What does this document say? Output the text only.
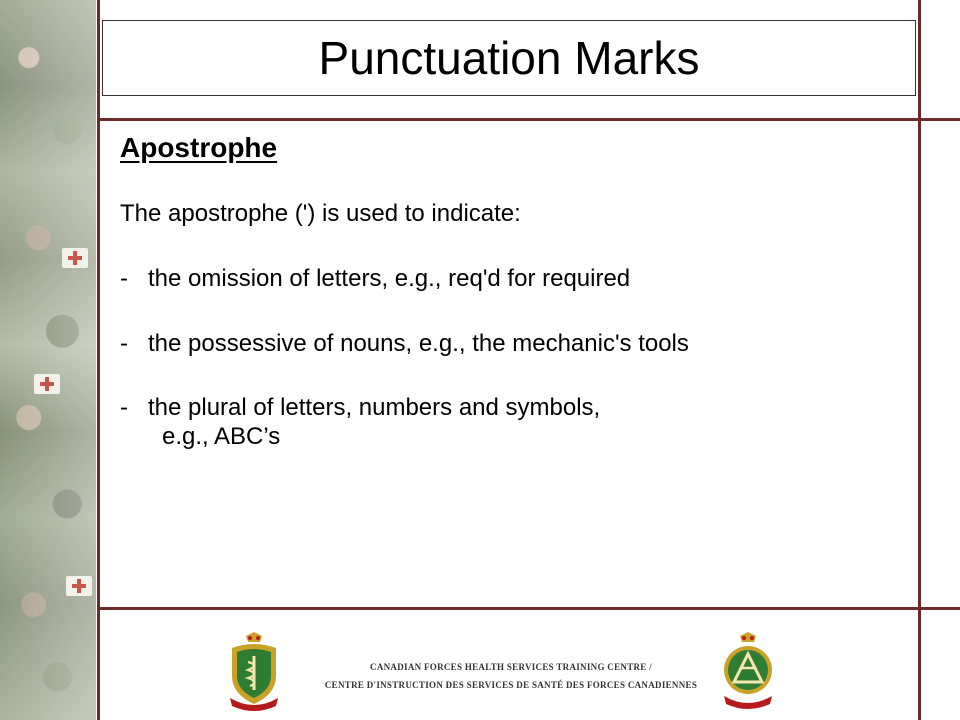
Punctuation Marks
Apostrophe

The apostrophe (') is used to indicate:

- the omission of letters, e.g., req'd for required

- the possessive of nouns, e.g., the mechanic's tools

- the plural of letters, numbers and symbols,

e.g., ABC’s

CANADIAN FORCES HEALTH SERVICES TRAINING CENTRE /
CENTRE D'INSTRUCTION DES SERVICES DE SANTÉ DES FORCES CANADIENNES
